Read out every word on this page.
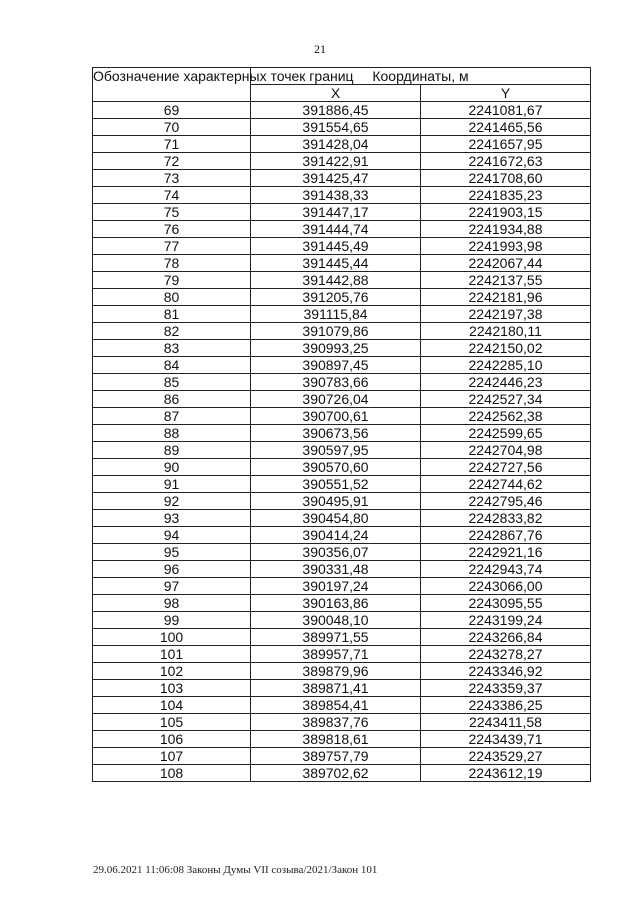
21
Обозначение характерных точек границ	Координаты, м	
	X	Y
69	391886,45	2241081,67
70	391554,65	2241465,56
71	391428,04	2241657,95
72	391422,91	2241672,63
73	391425,47	2241708,60
74	391438,33	2241835,23
75	391447,17	2241903,15
76	391444,74	2241934,88
77	391445,49	2241993,98
78	391445,44	2242067,44
79	391442,88	2242137,55
80	391205,76	2242181,96
81	391115,84	2242197,38
82	391079,86	2242180,11
83	390993,25	2242150,02
84	390897,45	2242285,10
85	390783,66	2242446,23
86	390726,04	2242527,34
87	390700,61	2242562,38
88	390673,56	2242599,65
89	390597,95	2242704,98
90	390570,60	2242727,56
91	390551,52	2242744,62
92	390495,91	2242795,46
93	390454,80	2242833,82
94	390414,24	2242867,76
95	390356,07	2242921,16
96	390331,48	2242943,74
97	390197,24	2243066,00
98	390163,86	2243095,55
99	390048,10	2243199,24
100	389971,55	2243266,84
101	389957,71	2243278,27
102	389879,96	2243346,92
103	389871,41	2243359,37
104	389854,41	2243386,25
105	389837,76	2243411,58
106	389818,61	2243439,71
107	389757,79	2243529,27
108	389702,62	2243612,19
29.06.2021 11:06:08 Законы Думы VII созыва/2021/Закон 101
